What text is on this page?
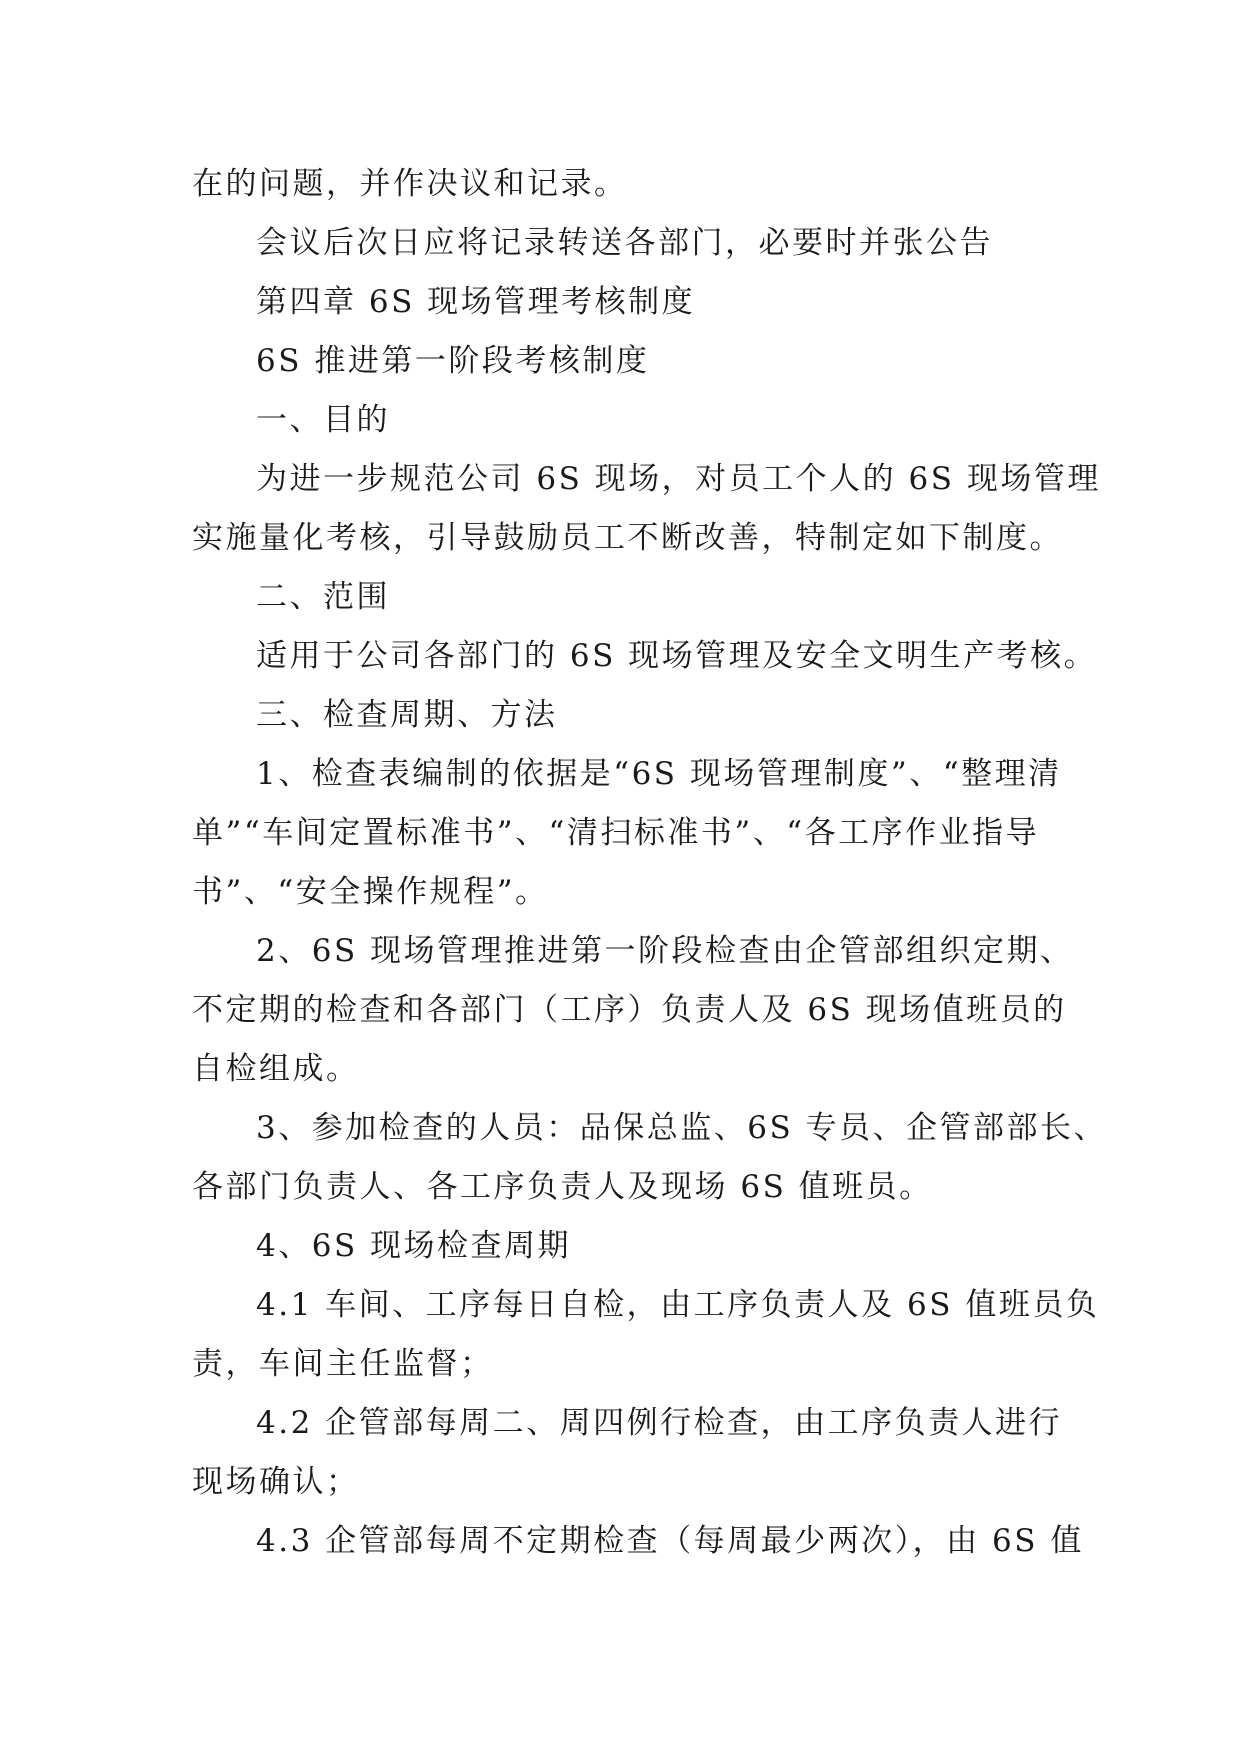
在的问题，并作决议和记录。
会议后次日应将记录转送各部门，必要时并张公告
第四章 6S 现场管理考核制度
6S 推进第一阶段考核制度
一、目的
为进一步规范公司 6S 现场，对员工个人的 6S 现场管理
实施量化考核，引导鼓励员工不断改善，特制定如下制度。
二、范围
适用于公司各部门的 6S 现场管理及安全文明生产考核。
三、检查周期、方法
1、检查表编制的依据是“6S 现场管理制度”、“整理清
单”“车间定置标准书”、“清扫标准书”、“各工序作业指导
书”、“安全操作规程”。
2、6S 现场管理推进第一阶段检查由企管部组织定期、
不定期的检查和各部门（工序）负责人及 6S 现场值班员的
自检组成。
3、参加检查的人员：品保总监、6S 专员、企管部部长、
各部门负责人、各工序负责人及现场 6S 值班员。
4、6S 现场检查周期
4.1 车间、工序每日自检，由工序负责人及 6S 值班员负
责，车间主任监督；
4.2 企管部每周二、周四例行检查，由工序负责人进行
现场确认；
4.3 企管部每周不定期检查（每周最少两次），由 6S 值
